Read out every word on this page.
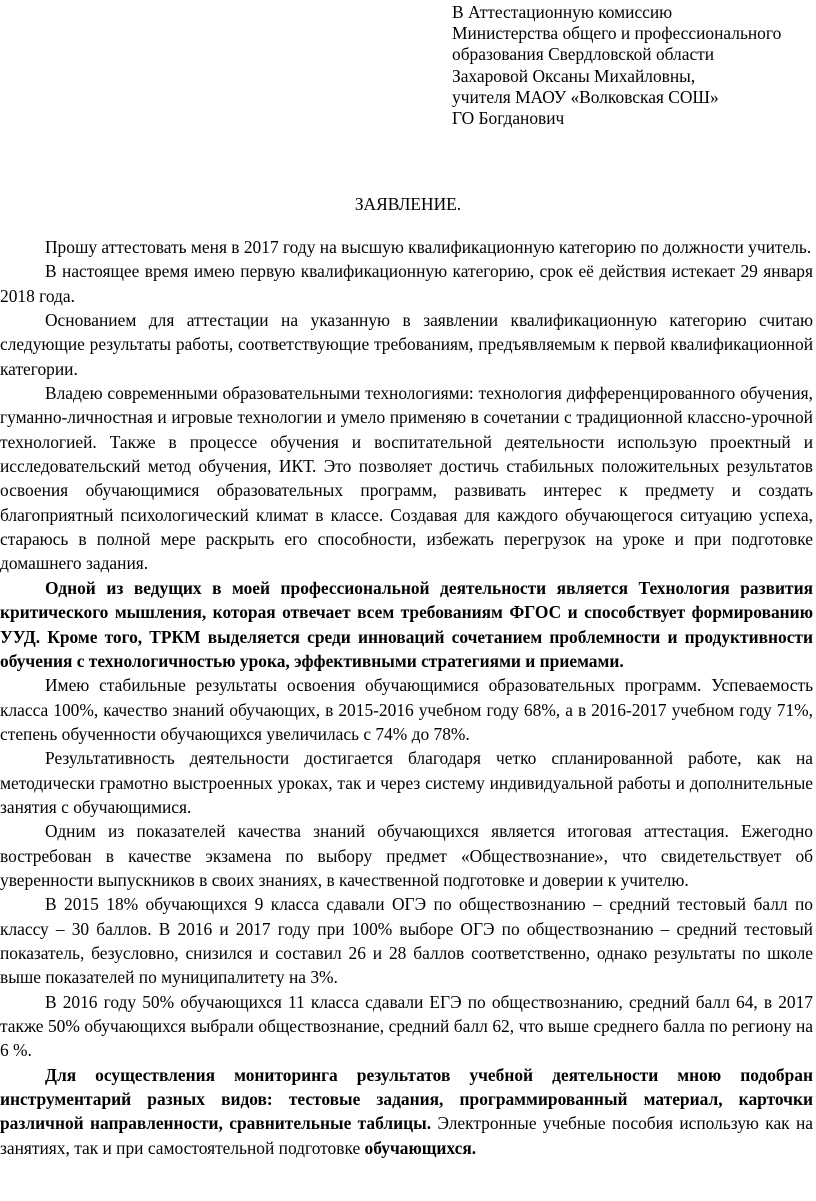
В Аттестационную комиссию
Министерства общего и профессионального
образования Свердловской области
Захаровой Оксаны Михайловны,
учителя МАОУ «Волковская СОШ»
ГО Богданович
ЗАЯВЛЕНИЕ.

Прошу аттестовать меня в 2017 году на высшую квалификационную категорию по должности учитель.

В настоящее время имею первую квалификационную категорию, срок её действия истекает 29 января 2018 года.

Основанием для аттестации на указанную в заявлении квалификационную категорию считаю следующие результаты работы, соответствующие требованиям, предъявляемым к первой квалификационной категории.

Владею современными образовательными технологиями: технология дифференцированного обучения, гуманно-личностная и игровые технологии и умело применяю в сочетании с традиционной классно-урочной технологией. Также в процессе обучения и воспитательной деятельности использую проектный и исследовательский метод обучения, ИКТ. Это позволяет достичь стабильных положительных результатов освоения обучающимися образовательных программ, развивать интерес к предмету и создать благоприятный психологический климат в классе. Создавая для каждого обучающегося ситуацию успеха, стараюсь в полной мере раскрыть его способности, избежать перегрузок на уроке и при подготовке домашнего задания.

Одной из ведущих в моей профессиональной деятельности является Технология развития критического мышления, которая отвечает всем требованиям ФГОС и способствует формированию УУД. Кроме того, ТРКМ выделяется среди инноваций сочетанием проблемности и продуктивности обучения с технологичностью урока, эффективными стратегиями и приемами.

Имею стабильные результаты освоения обучающимися образовательных программ. Успеваемость класса 100%, качество знаний обучающих, в 2015-2016 учебном году 68%, а в 2016-2017 учебном году 71%, степень обученности обучающихся увеличилась с 74% до 78%.

Результативность деятельности достигается благодаря четко спланированной работе, как на методически грамотно выстроенных уроках, так и через систему индивидуальной работы и дополнительные занятия с обучающимися.

Одним из показателей качества знаний обучающихся является итоговая аттестация. Ежегодно востребован в качестве экзамена по выбору предмет «Обществознание», что свидетельствует об уверенности выпускников в своих знаниях, в качественной подготовке и доверии к учителю.

В 2015 18% обучающихся 9 класса сдавали ОГЭ по обществознанию – средний тестовый балл по классу – 30 баллов. В 2016 и 2017 году при 100% выборе ОГЭ по обществознанию – средний тестовый показатель, безусловно, снизился и составил 26 и 28 баллов соответственно, однако результаты по школе выше показателей по муниципалитету на 3%.

В 2016 году 50% обучающихся 11 класса сдавали ЕГЭ по обществознанию, средний балл 64, в 2017 также 50% обучающихся выбрали обществознание, средний балл 62, что выше среднего балла по региону на 6 %.

Для осуществления мониторинга результатов учебной деятельности мною подобран инструментарий разных видов: тестовые задания, программированный материал, карточки различной направленности, сравнительные таблицы. Электронные учебные пособия использую как на занятиях, так и при самостоятельной подготовке обучающихся.
